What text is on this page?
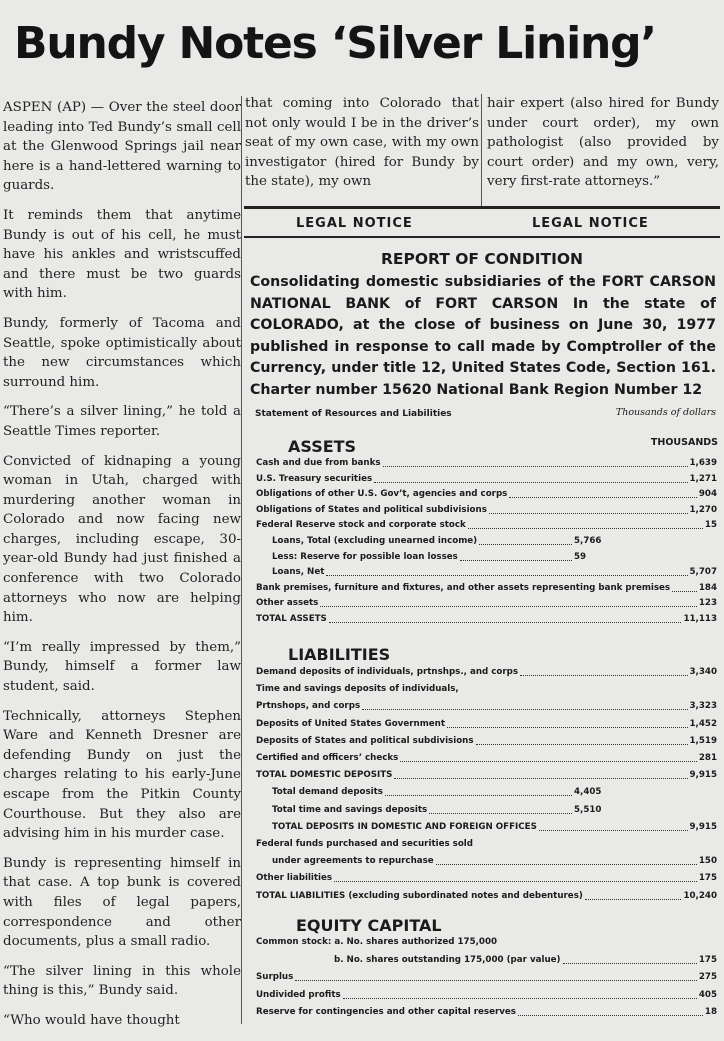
Bundy Notes ‘Silver Lining’

ASPEN (AP) — Over the steel door leading into Ted Bundy’s small cell at the Glenwood Springs jail near here is a hand-lettered warning to guards.

It reminds them that anytime Bundy is out of his cell, he must have his ankles and wristscuffed and there must be two guards with him.

Bundy, formerly of Tacoma and Seattle, spoke optimistically about the new circumstances which surround him.

“There’s a silver lining,” he told a Seattle Times reporter.

Convicted of kidnaping a young woman in Utah, charged with murdering another woman in Colorado and now facing new charges, including escape, 30-year-old Bundy had just finished a conference with two Colorado attorneys who now are helping him.

“I’m really impressed by them,” Bundy, himself a former law student, said.

Technically, attorneys Stephen Ware and Kenneth Dresner are defending Bundy on just the charges relating to his early-June escape from the Pitkin County Courthouse. But they also are advising him in his murder case.

Bundy is representing himself in that case. A top bunk is covered with files of legal papers, correspondence and other documents, plus a small radio.

“The silver lining in this whole thing is this,” Bundy said.

“Who would have thought

that coming into Colorado that not only would I be in the driver’s seat of my own case, with my own investigator (hired for Bundy by the state), my own

hair expert (also hired for Bundy under court order), my own pathologist (also provided by court order) and my own, very, very first-rate attorneys.”

LEGAL NOTICE	LEGAL NOTICE
REPORT OF CONDITION
Consolidating domestic subsidiaries of the FORT CARSON NATIONAL BANK of FORT CARSON In the state of COLORADO, at the close of business on June 30, 1977 published in response to call made by Comptroller of the Currency, under title 12, United States Code, Section 161. Charter number 15620 National Bank Region Number 12
Statement of Resources and Liabilities	Thousands of dollars
ASSETS	THOUSANDS
Cash and due from banks	1,639
U.S. Treasury securities	1,271
Obligations of other U.S. Gov’t, agencies and corps	904
Obligations of States and political subdivisions	1,270
Federal Reserve stock and corporate stock	15
Loans, Total (excluding unearned income)	5,766
Less: Reserve for possible loan losses	59
Loans, Net	5,707
Bank premises, furniture and fixtures, and other assets representing bank premises	184
Other assets	123
TOTAL ASSETS	11,113
LIABILITIES
Demand deposits of individuals, prtnshps., and corps	3,340
Time and savings deposits of individuals,
Prtnshops, and corps	3,323
Deposits of United States Government	1,452
Deposits of States and political subdivisions	1,519
Certified and officers’ checks	281
TOTAL DOMESTIC DEPOSITS	9,915
Total demand deposits	4,405
Total time and savings deposits	5,510
TOTAL DEPOSITS IN DOMESTIC AND FOREIGN OFFICES	9,915
Federal funds purchased and securities sold
under agreements to repurchase	150
Other liabilities	175
TOTAL LIABILITIES (excluding subordinated notes and debentures)	10,240
EQUITY CAPITAL
Common stock: a. No. shares authorized 175,000
b. No. shares outstanding 175,000 (par value)	175
Surplus	275
Undivided profits	405
Reserve for contingencies and other capital reserves	18
